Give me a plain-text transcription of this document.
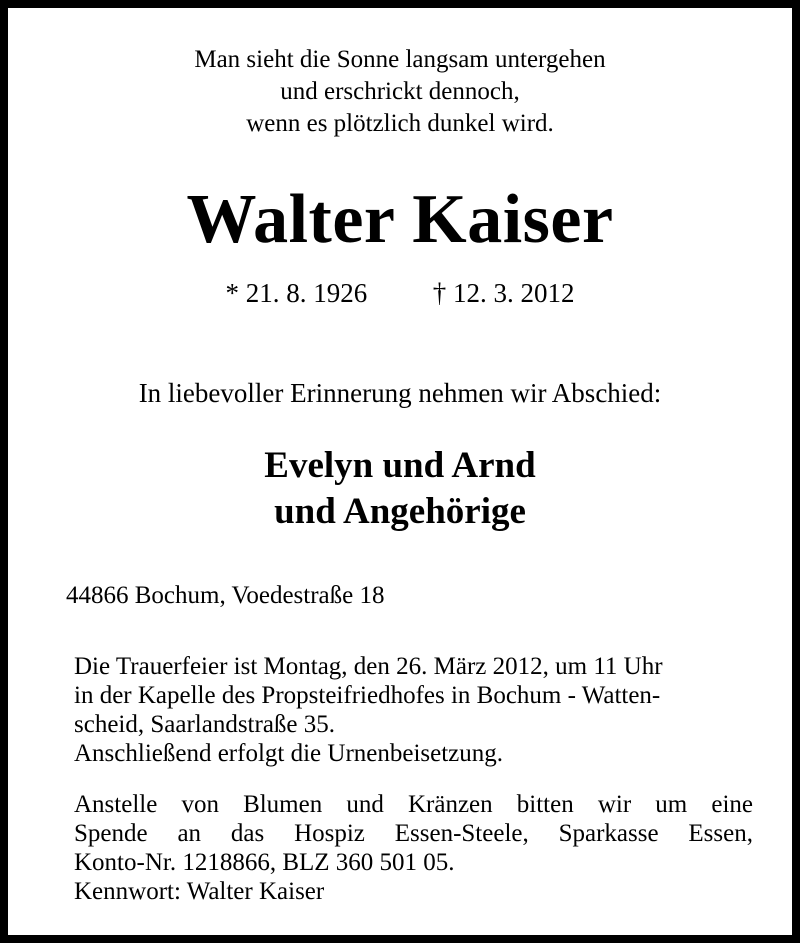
Man sieht die Sonne langsam untergehen
und erschrickt dennoch,
wenn es plötzlich dunkel wird.
Walter Kaiser
* 21. 8. 1926 † 12. 3. 2012
In liebevoller Erinnerung nehmen wir Abschied:
Evelyn und Arnd
und Angehörige
44866 Bochum, Voedestraße 18
Die Trauerfeier ist Montag, den 26. März 2012, um 11 Uhr
in der Kapelle des Propsteifriedhofes in Bochum - Watten-
scheid, Saarlandstraße 35.
Anschließend erfolgt die Urnenbeisetzung.
Anstelle von Blumen und Kränzen bitten wir um eine
Spende an das Hospiz Essen-Steele, Sparkasse Essen,
Konto-Nr. 1218866, BLZ 360 501 05.
Kennwort: Walter Kaiser
